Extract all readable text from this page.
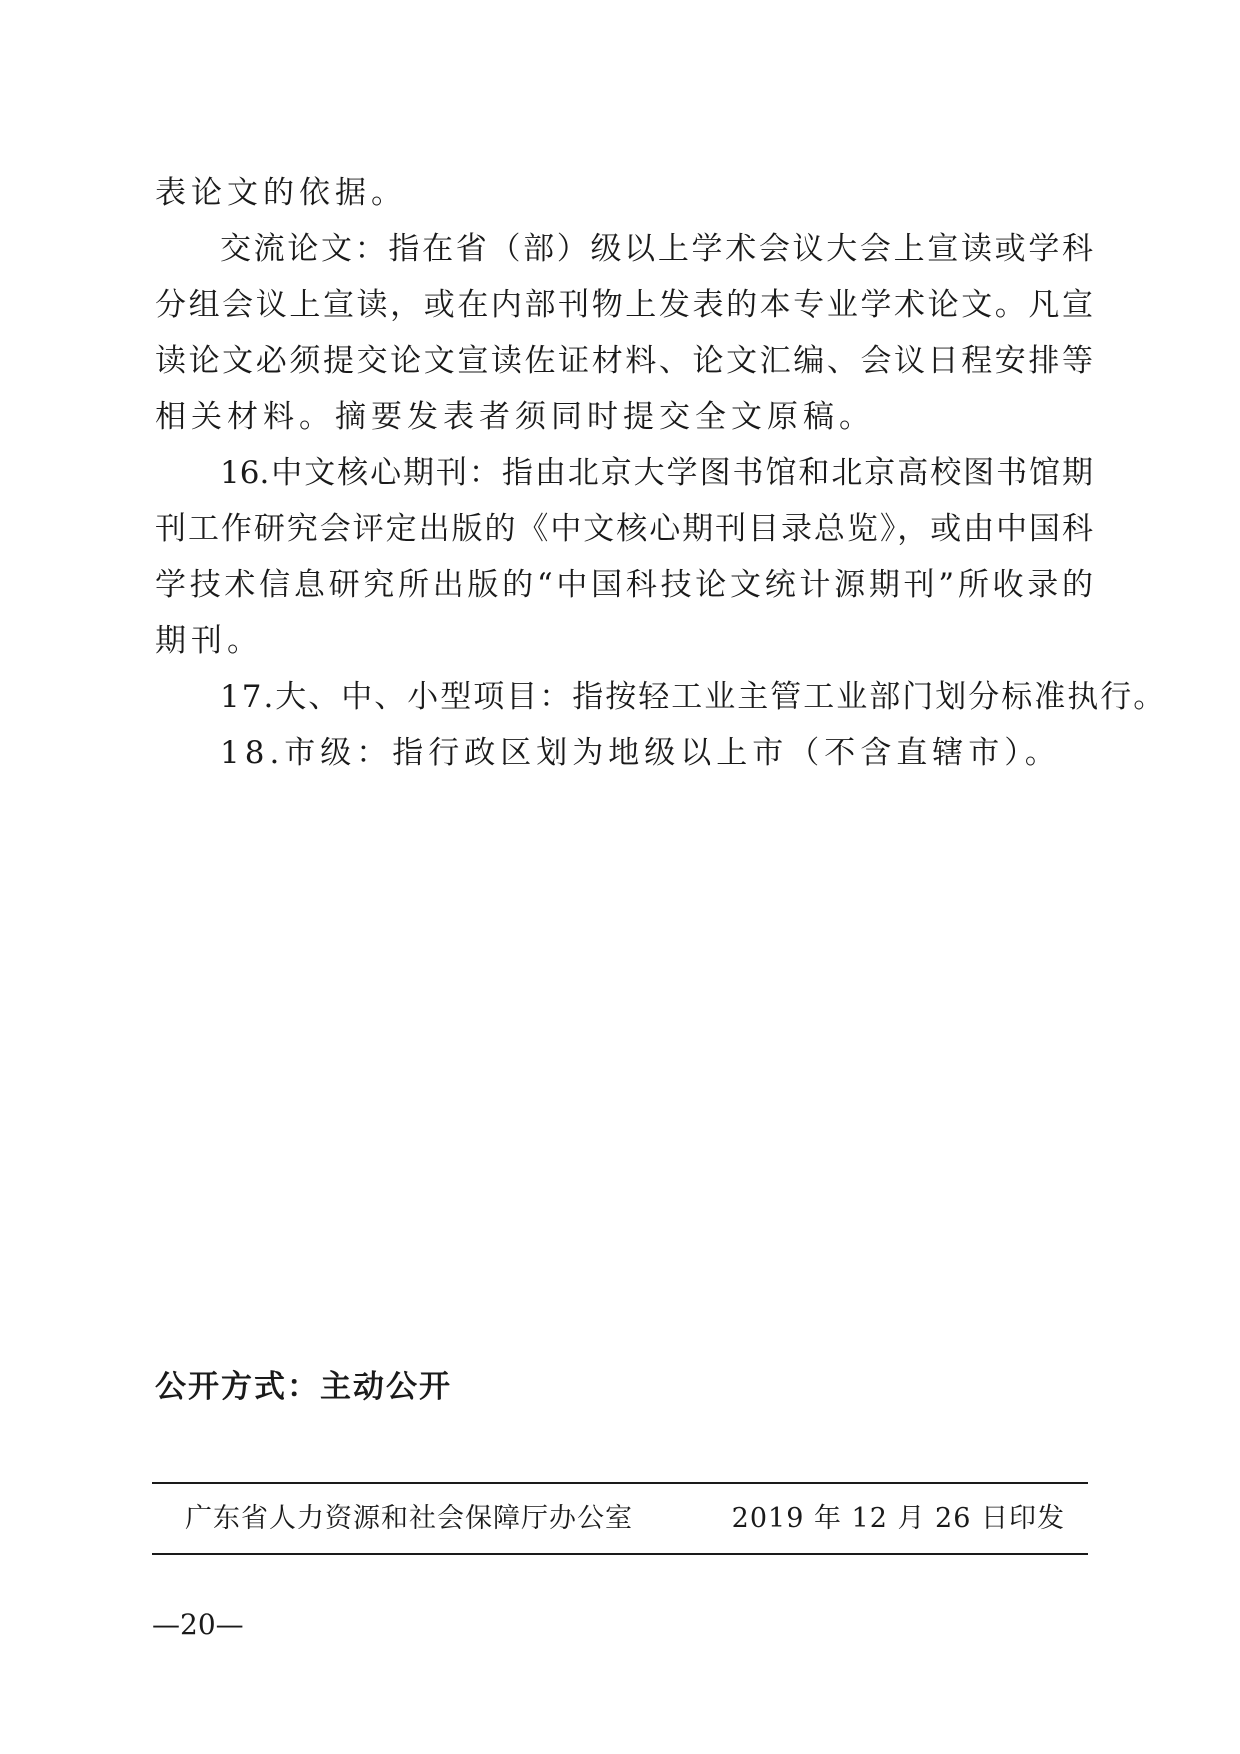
表论文的依据。
交流论文：指在省（部）级以上学术会议大会上宣读或学科
分组会议上宣读，或在内部刊物上发表的本专业学术论文。凡宣
读论文必须提交论文宣读佐证材料、论文汇编、会议日程安排等
相关材料。摘要发表者须同时提交全文原稿。
16.中文核心期刊：指由北京大学图书馆和北京高校图书馆期
刊工作研究会评定出版的《中文核心期刊目录总览》，或由中国科
学技术信息研究所出版的“中国科技论文统计源期刊”所收录的
期刊。
17.大、中、小型项目：指按轻工业主管工业部门划分标准执行。
18.市级：指行政区划为地级以上市（不含直辖市）。
公开方式：主动公开
广东省人力资源和社会保障厅办公室	2019 年 12 月 26 日印发
—20—
